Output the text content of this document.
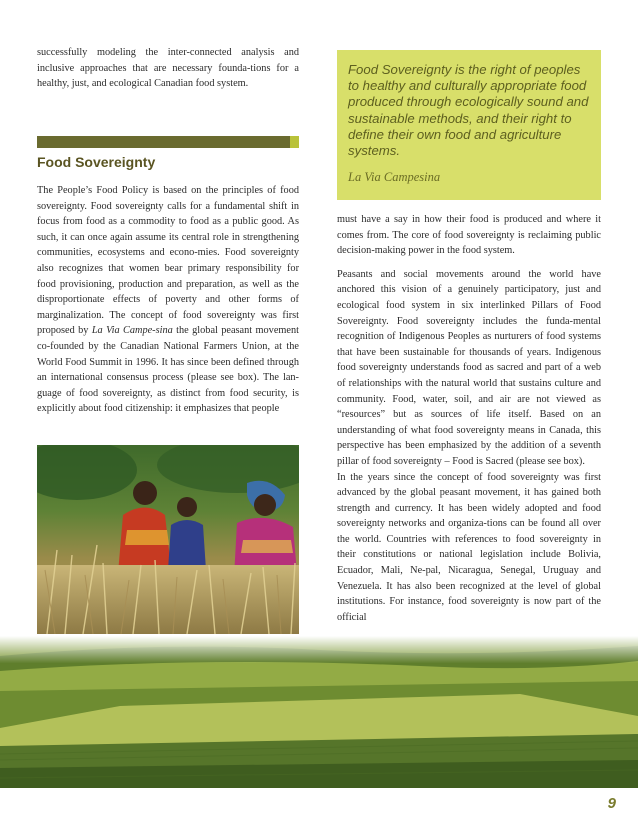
successfully modeling the inter-connected analysis and inclusive approaches that are necessary founda-tions for a healthy, just, and ecological Canadian food system.

Food Sovereignty

The People’s Food Policy is based on the principles of food sovereignty. Food sovereignty calls for a fundamental shift in focus from food as a commodity to food as a public good. As such, it can once again assume its central role in strengthening communities, ecosystems and econo-mies. Food sovereignty also recognizes that women bear primary responsibility for food provisioning, production and preparation, as well as the disproportionate effects of poverty and other forms of marginalization. The concept of food sovereignty was first proposed by La Via Campe-sina the global peasant movement co-founded by the Canadian National Farmers Union, at the World Food Summit in 1996. It has since been defined through an international consensus process (please see box). The lan-guage of food sovereignty, as distinct from food security, is explicitly about food citizenship: it emphasizes that people

Food Sovereignty is the right of peoples to healthy and culturally appropriate food produced through ecologically sound and sustainable methods, and their right to define their own food and agriculture systems.

La Via Campesina

must have a say in how their food is produced and where it comes from. The core of food sovereignty is reclaiming public decision-making power in the food system.

Peasants and social movements around the world have anchored this vision of a genuinely participatory, just and ecological food system in six interlinked Pillars of Food Sovereignty. Food sovereignty includes the funda-mental recognition of Indigenous Peoples as nurturers of food systems that have been sustainable for thousands of years. Indigenous food sovereignty understands food as sacred and part of a web of relationships with the natural world that sustains culture and community. Food, water, soil, and air are not viewed as “resources” but as sources of life itself. Based on an understanding of what food sovereignty means in Canada, this perspective has been emphasized by the addition of a seventh pillar of food sovereignty – Food is Sacred (please see box).

In the years since the concept of food sovereignty was first advanced by the global peasant movement, it has gained both strength and currency. It has been widely adopted and food sovereignty networks and organiza-tions can be found all over the world. Countries with references to food sovereignty in their constitutions or national legislation include Bolivia, Ecuador, Mali, Ne-pal, Nicaragua, Senegal, Uruguay and Venezuela. It has also been recognized at the level of global institutions. For instance, food sovereignty is now part of the official

9
